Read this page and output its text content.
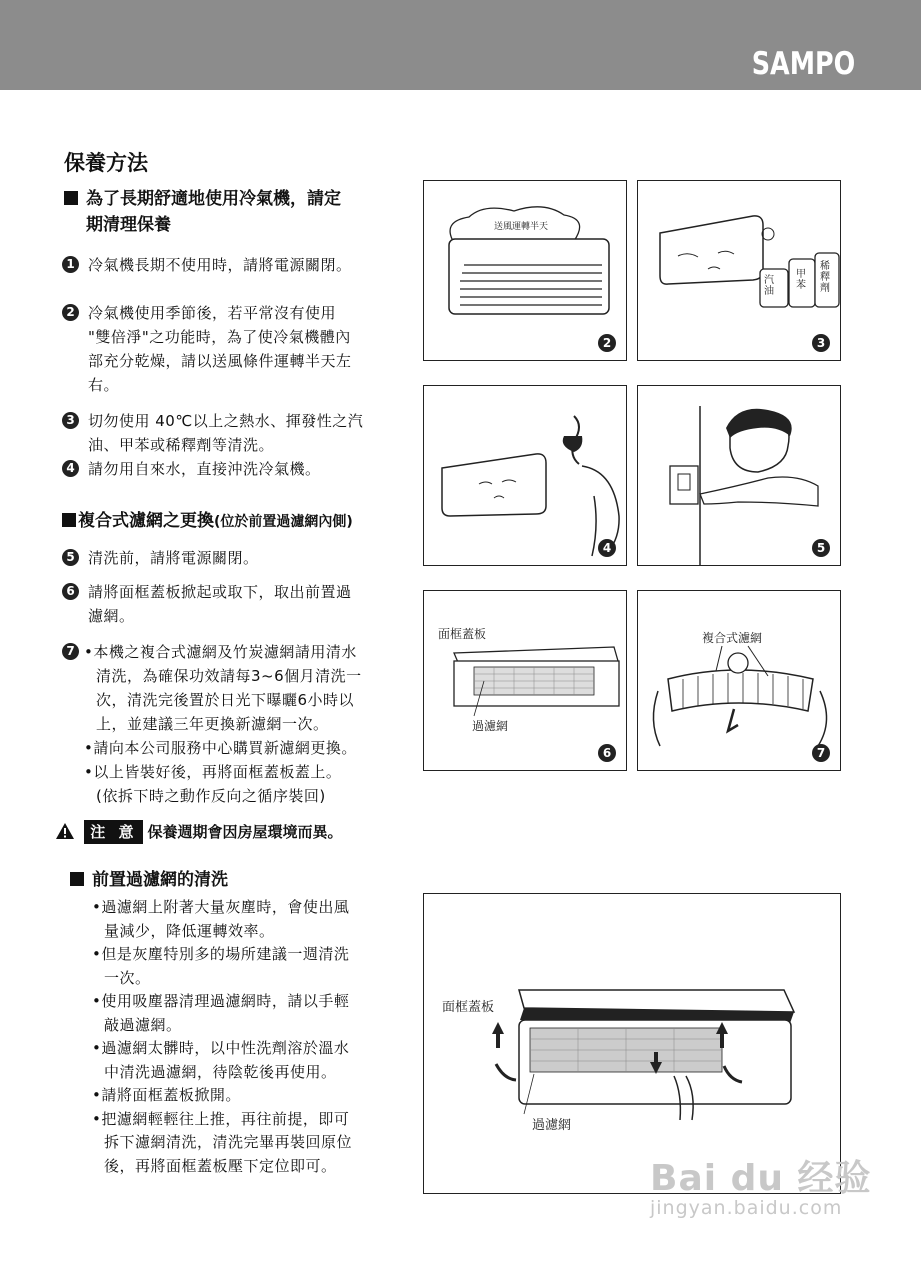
SAMPO
保養方法
為了長期舒適地使用冷氣機，請定
期清理保養
1 冷氣機長期不使用時，請將電源關閉。
2 冷氣機使用季節後，若平常沒有使用
"雙倍淨"之功能時，為了使冷氣機體內
部充分乾燥，請以送風條件運轉半天左
右。
3 切勿使用 40℃以上之熱水、揮發性之汽
油、甲苯或稀釋劑等清洗。
4 請勿用自來水，直接沖洗冷氣機。
複合式濾網之更換(位於前置過濾網內側)
5 清洗前，請將電源關閉。
6 請將面框蓋板掀起或取下，取出前置過
濾網。
7 •本機之複合式濾網及竹炭濾網請用清水
清洗，為確保功效請每3~6個月清洗一
次，清洗完後置於日光下曝曬6小時以
上，並建議三年更換新濾網一次。
•請向本公司服務中心購買新濾網更換。
•以上皆裝好後，再將面框蓋板蓋上。
(依拆下時之動作反向之循序裝回)
注 意 保養週期會因房屋環境而異。
前置過濾網的清洗
•過濾網上附著大量灰塵時，會使出風
量減少，降低運轉效率。
•但是灰塵特別多的場所建議一週清洗
一次。
•使用吸塵器清理過濾網時，請以手輕
敲過濾網。
•過濾網太髒時，以中性洗劑溶於溫水
中清洗過濾網，待陰乾後再使用。
•請將面框蓋板掀開。
•把濾網輕輕往上推，再往前提，即可
拆下濾網清洗，清洗完畢再裝回原位
後，再將面框蓋板壓下定位即可。
送風運轉半天
2
汽油
甲苯
稀釋劑
3
4	5
面框蓋板
過濾網
6
複合式濾網
7
面框蓋板
過濾網
Bai du 经验
jingyan.baidu.com
